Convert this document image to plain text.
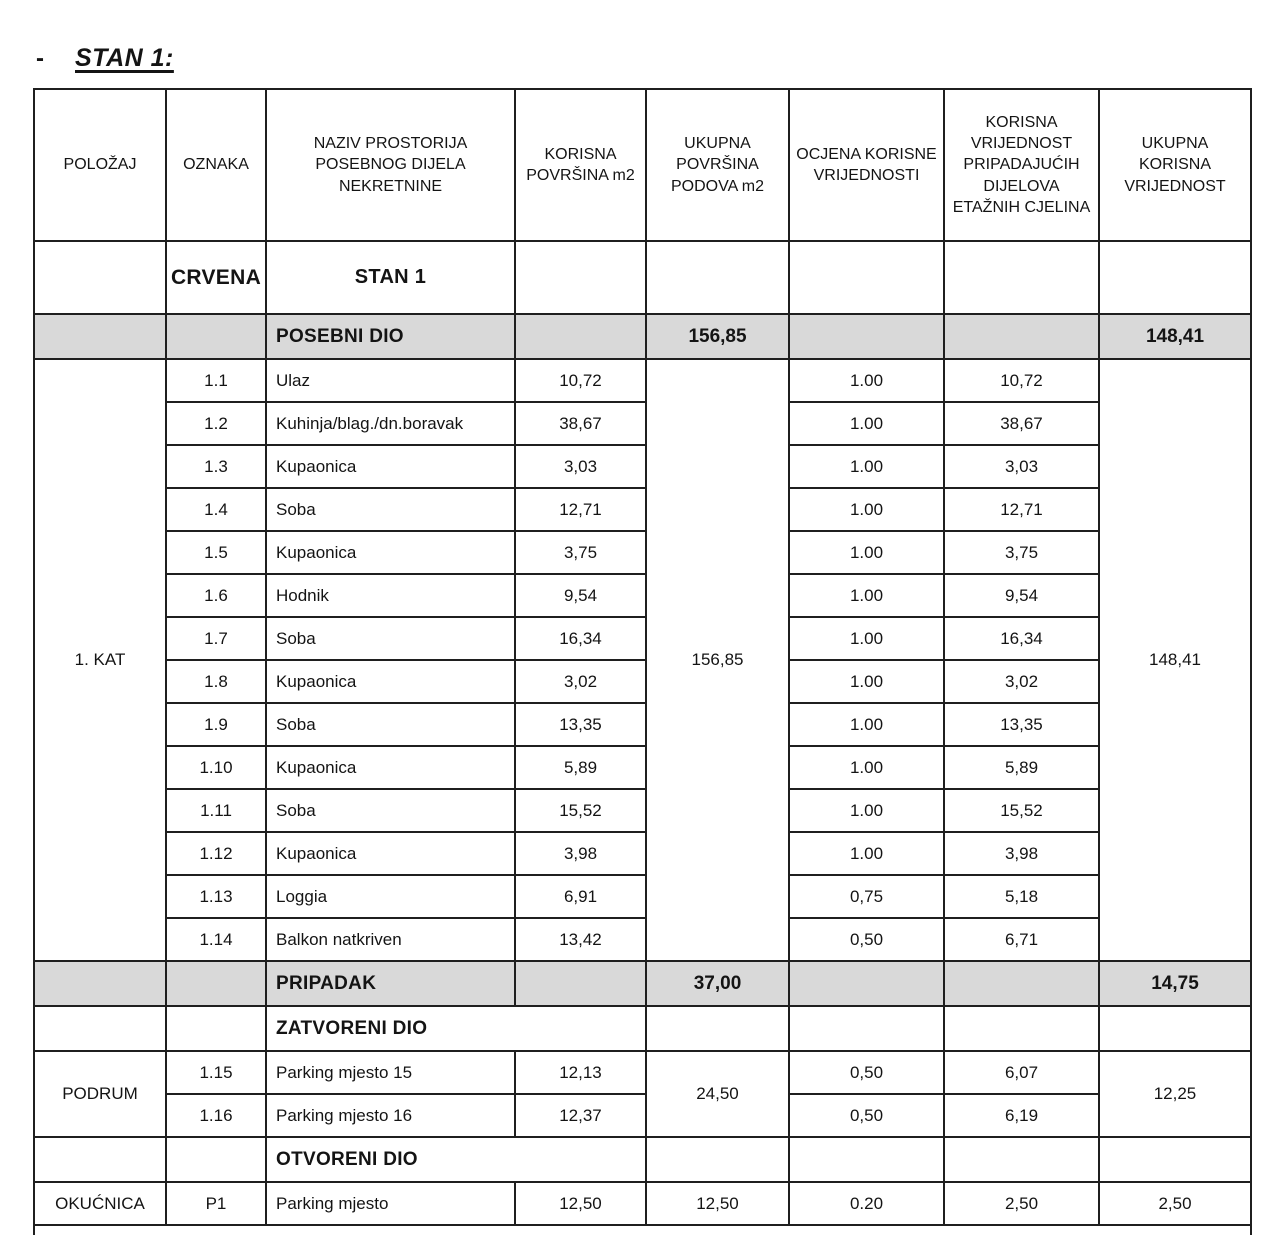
- STAN 1:
POLOŽAJ	OZNAKA	NAZIV PROSTORIJA POSEBNOG DIJELA NEKRETNINE	KORISNA POVRŠINA m2	UKUPNA POVRŠINA PODOVA m2	OCJENA KORISNE VRIJEDNOSTI	KORISNA VRIJEDNOST PRIPADAJUĆIH DIJELOVA ETAŽNIH CJELINA	UKUPNA KORISNA VRIJEDNOST
	CRVENA	STAN 1					
		POSEBNI DIO		156,85			148,41
1. KAT	1.1	Ulaz	10,72	156,85	1.00	10,72	148,41
	1.2	Kuhinja/blag./dn.boravak	38,67		1.00	38,67	
	1.3	Kupaonica	3,03		1.00	3,03	
	1.4	Soba	12,71		1.00	12,71	
	1.5	Kupaonica	3,75		1.00	3,75	
	1.6	Hodnik	9,54		1.00	9,54	
	1.7	Soba	16,34		1.00	16,34	
	1.8	Kupaonica	3,02		1.00	3,02	
	1.9	Soba	13,35		1.00	13,35	
	1.10	Kupaonica	5,89		1.00	5,89	
	1.11	Soba	15,52		1.00	15,52	
	1.12	Kupaonica	3,98		1.00	3,98	
	1.13	Loggia	6,91		0,75	5,18	
	1.14	Balkon natkriven	13,42		0,50	6,71	
		PRIPADAK		37,00			14,75
		ZATVORENI DIO					
PODRUM	1.15	Parking mjesto 15	12,13	24,50	0,50	6,07	12,25
	1.16	Parking mjesto 16	12,37		0,50	6,19	
		OTVORENI DIO					
OKUĆNICA	P1	Parking mjesto	12,50	12,50	0.20	2,50	2,50
